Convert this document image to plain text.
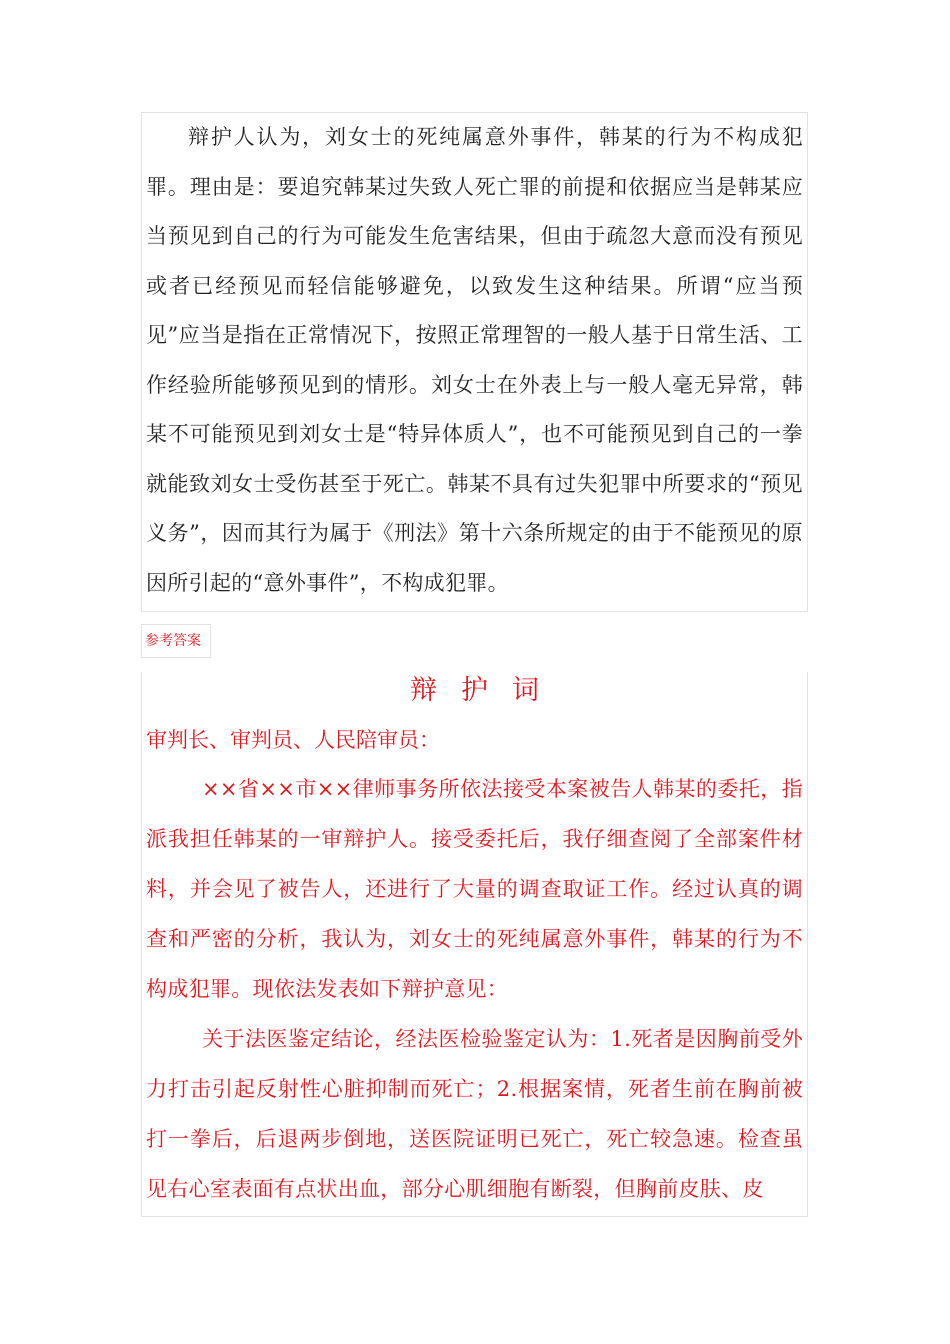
辩护人认为，刘女士的死纯属意外事件，韩某的行为不构成犯罪。理由是：要追究韩某过失致人死亡罪的前提和依据应当是韩某应当预见到自己的行为可能发生危害结果，但由于疏忽大意而没有预见或者已经预见而轻信能够避免，以致发生这种结果。所谓“应当预见”应当是指在正常情况下，按照正常理智的一般人基于日常生活、工作经验所能够预见到的情形。刘女士在外表上与一般人毫无异常，韩某不可能预见到刘女士是“特异体质人”，也不可能预见到自己的一拳就能致刘女士受伤甚至于死亡。韩某不具有过失犯罪中所要求的“预见义务”，因而其行为属于《刑法》第十六条所规定的由于不能预见的原因所引起的“意外事件”，不构成犯罪。

参考答案
辩护词

审判长、审判员、人民陪审员：

××省××市××律师事务所依法接受本案被告人韩某的委托，指派我担任韩某的一审辩护人。接受委托后，我仔细查阅了全部案件材料，并会见了被告人，还进行了大量的调查取证工作。经过认真的调查和严密的分析，我认为，刘女士的死纯属意外事件，韩某的行为不构成犯罪。现依法发表如下辩护意见：

关于法医鉴定结论，经法医检验鉴定认为：1.死者是因胸前受外力打击引起反射性心脏抑制而死亡；2.根据案情，死者生前在胸前被打一拳后，后退两步倒地，送医院证明已死亡，死亡较急速。检查虽见右心室表面有点状出血，部分心肌细胞有断裂，但胸前皮肤、皮
